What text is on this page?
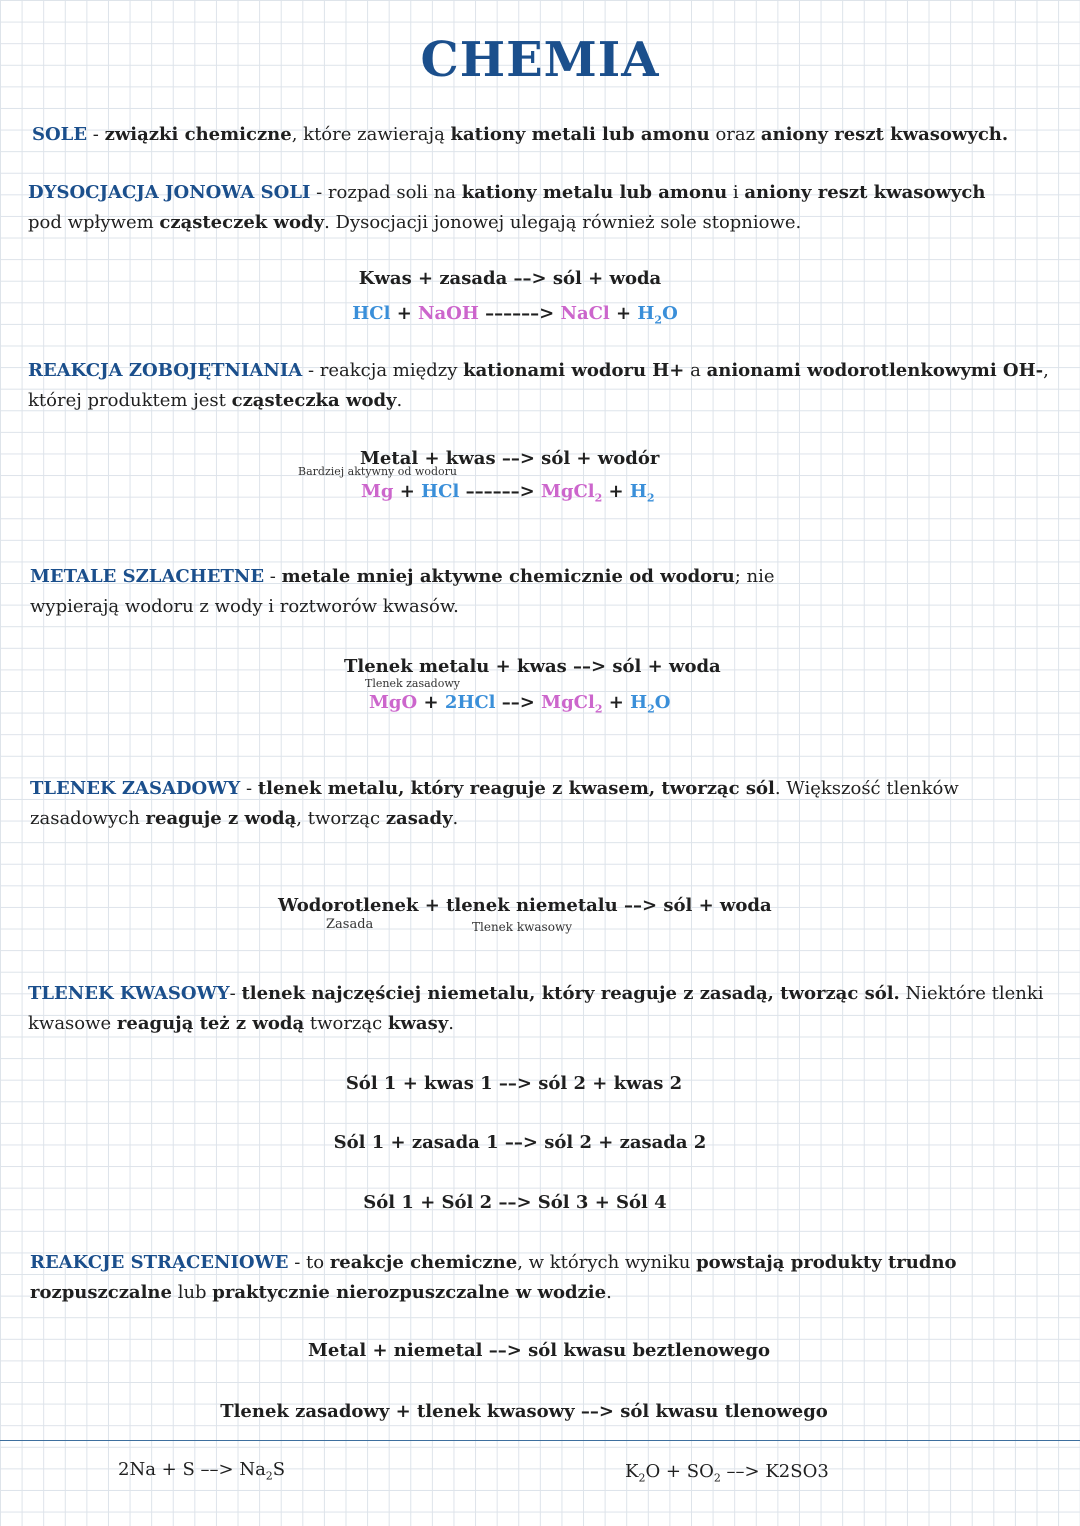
CHEMIA
SOLE - związki chemiczne, które zawierają kationy metali lub amonu oraz aniony reszt kwasowych.
DYSOCJACJA JONOWA SOLI - rozpad soli na kationy metalu lub amonu i aniony reszt kwasowych
pod wpływem cząsteczek wody. Dysocjacji jonowej ulegają również sole stopniowe.
Kwas + zasada ––> sól + woda
HCl + NaOH ––––––> NaCl + $H_2O$
REAKCJA ZOBOJĘTNIANIA - reakcja między kationami wodoru H+ a anionami wodorotlenkowymi OH-,
której produktem jest cząsteczka wody.
Metal + kwas ––> sól + wodór
Bardziej aktywny od wodoru
Mg + HCl ––––––> MgCl$_2$ + $H_2$
METALE SZLACHETNE - metale mniej aktywne chemicznie od wodoru; nie
wypierają wodoru z wody i roztworów kwasów.
Tlenek metalu + kwas ––> sól + woda
Tlenek zasadowy
MgO + 2HCl ––> MgCl$_2$ + $H_2O$
TLENEK ZASADOWY - tlenek metalu, który reaguje z kwasem, tworząc sól. Większość tlenków
zasadowych reaguje z wodą, tworząc zasady.
Wodorotlenek + tlenek niemetalu ––> sól + woda
Zasada	Tlenek kwasowy
TLENEK KWASOWY- tlenek najczęściej niemetalu, który reaguje z zasadą, tworząc sól. Niektóre tlenki
kwasowe reagują też z wodą tworząc kwasy.
Sól 1 + kwas 1 ––> sól 2 + kwas 2
Sól 1 + zasada 1 ––> sól 2 + zasada 2
Sól 1 + Sól 2 ––> Sól 3 + Sól 4
REAKCJE STRĄCENIOWE - to reakcje chemiczne, w których wyniku powstają produkty trudno
rozpuszczalne lub praktycznie nierozpuszczalne w wodzie.
Metal + niemetal ––> sól kwasu beztlenowego
Tlenek zasadowy + tlenek kwasowy ––> sól kwasu tlenowego
2Na + S ––> $Na_2S$	$K_2O + SO_2$ ––> K2SO3
